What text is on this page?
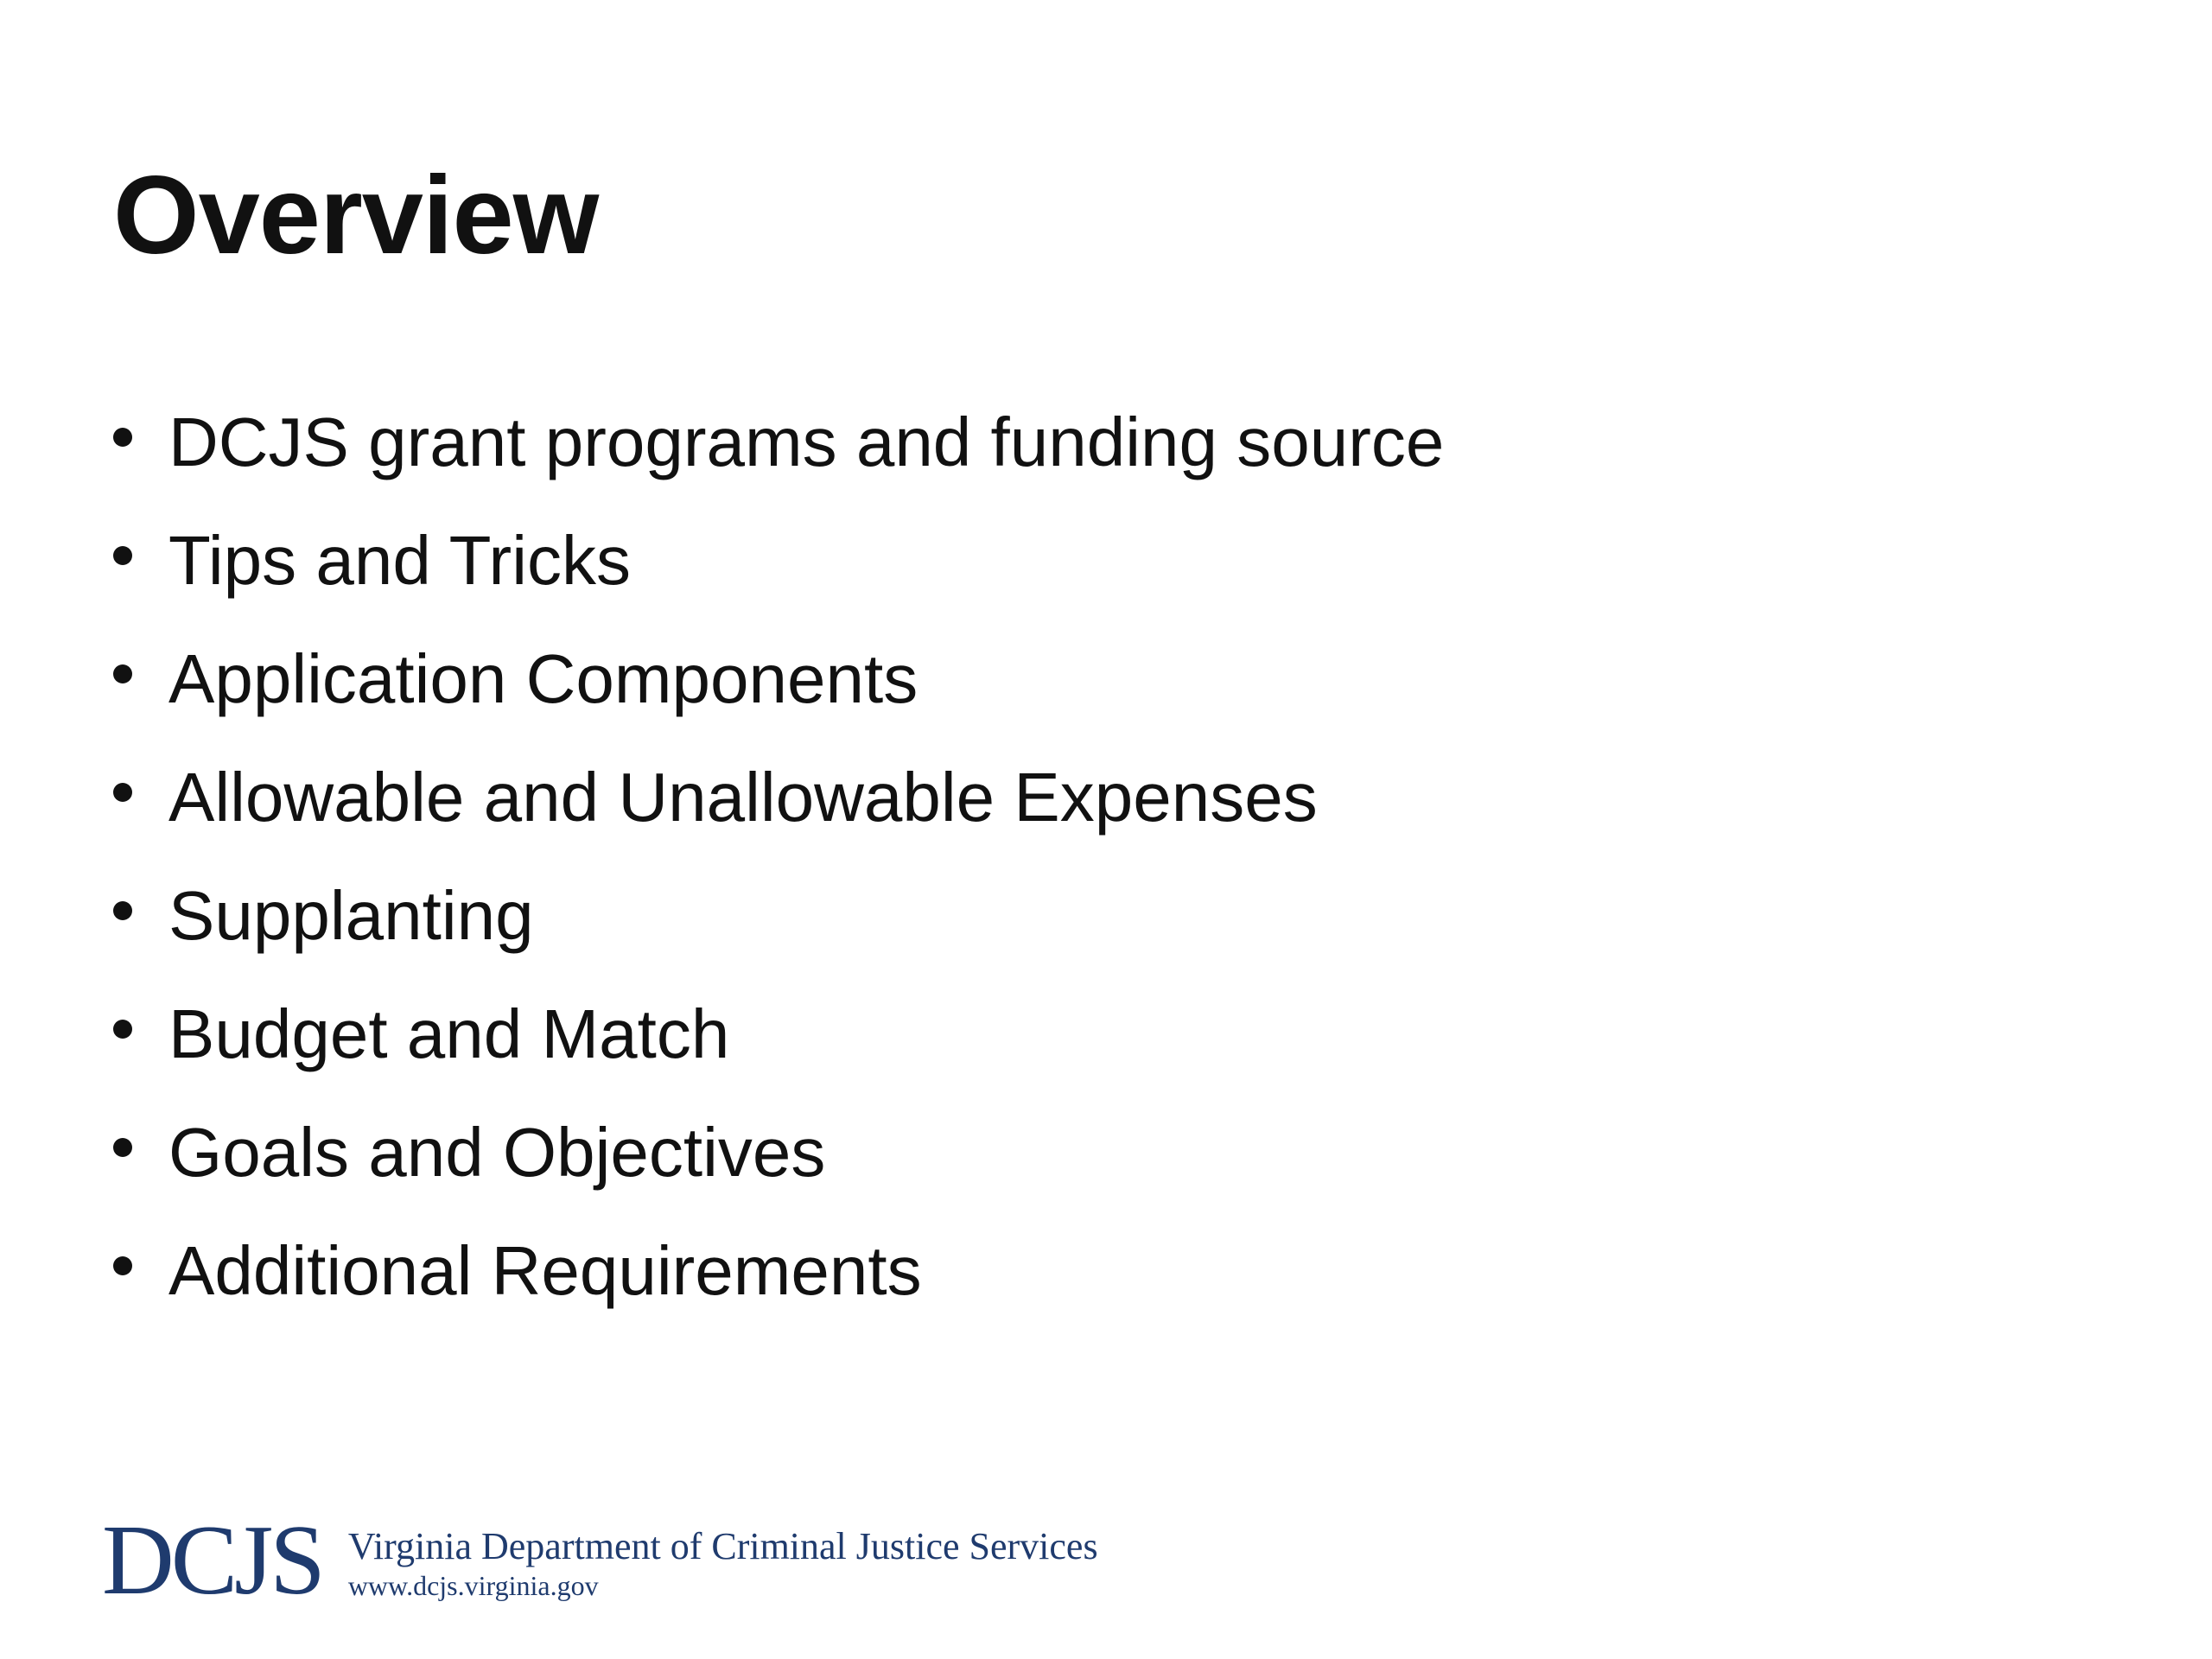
Overview
DCJS grant programs and funding source
Tips and Tricks
Application Components
Allowable and Unallowable Expenses
Supplanting
Budget and Match
Goals and Objectives
Additional Requirements
DCJS Virginia Department of Criminal Justice Services
www.dcjs.virginia.gov
